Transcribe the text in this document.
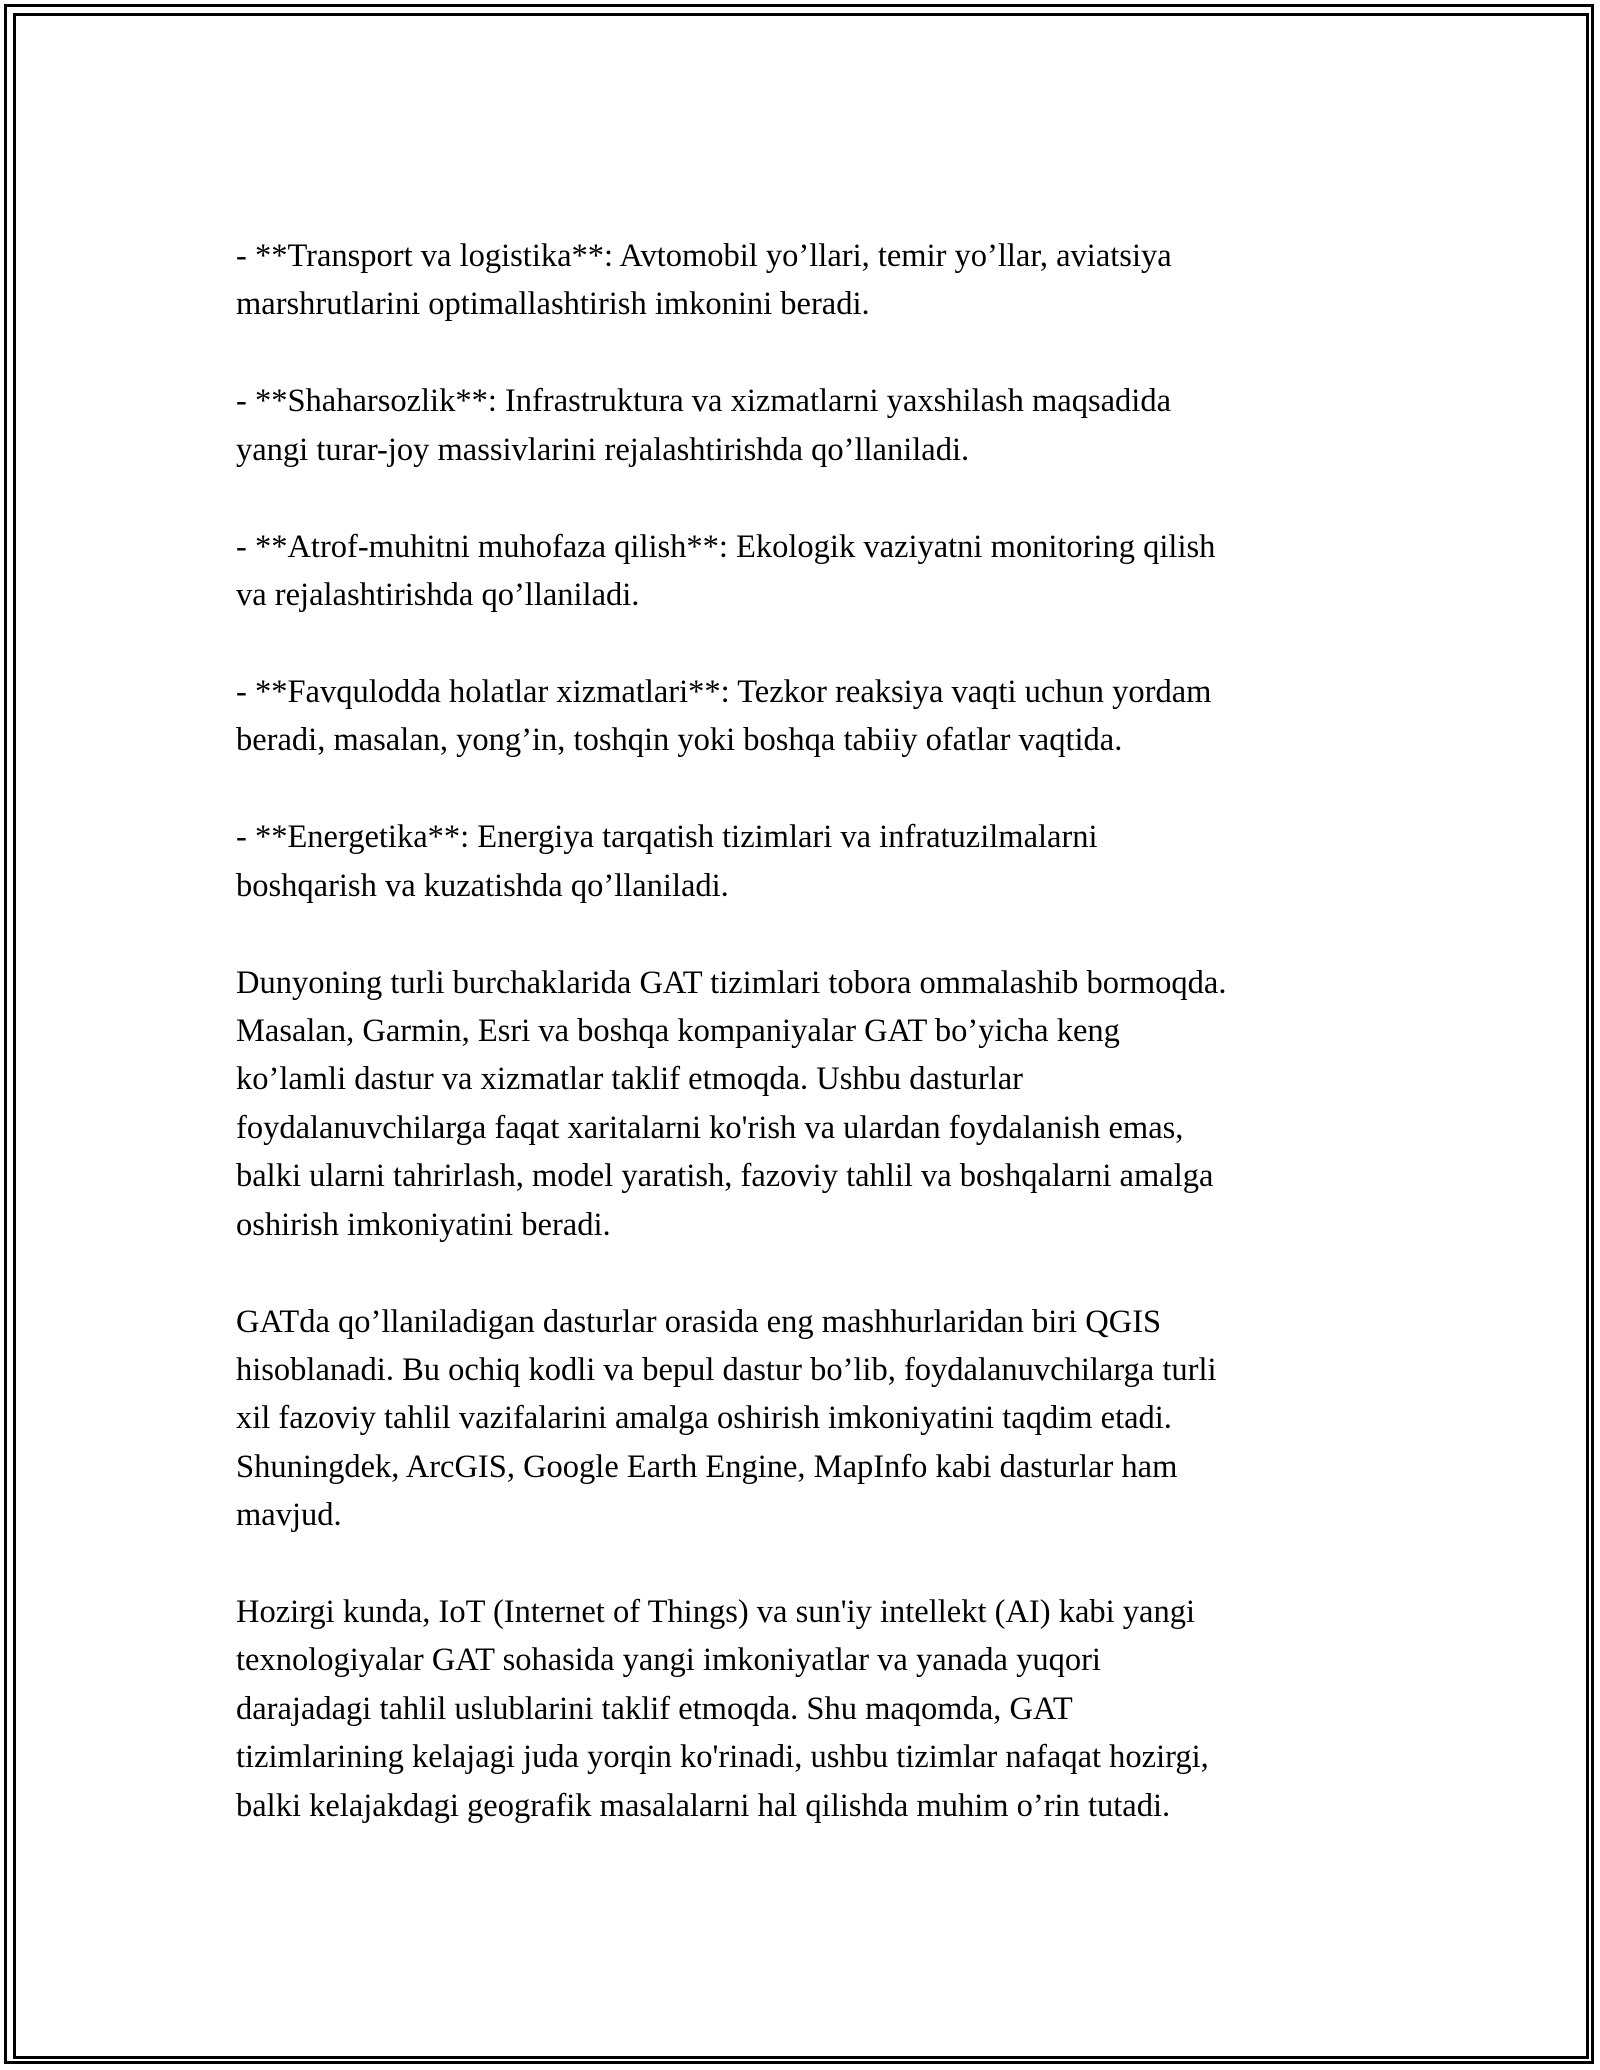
- **Transport va logistika**: Avtomobil yo’llari, temir yo’llar, aviatsiya
marshrutlarini optimallashtirish imkonini beradi.

- **Shaharsozlik**: Infrastruktura va xizmatlarni yaxshilash maqsadida
yangi turar-joy massivlarini rejalashtirishda qo’llaniladi.

- **Atrof-muhitni muhofaza qilish**: Ekologik vaziyatni monitoring qilish
va rejalashtirishda qo’llaniladi.

- **Favqulodda holatlar xizmatlari**: Tezkor reaksiya vaqti uchun yordam
beradi, masalan, yong’in, toshqin yoki boshqa tabiiy ofatlar vaqtida.

- **Energetika**: Energiya tarqatish tizimlari va infratuzilmalarni
boshqarish va kuzatishda qo’llaniladi.

Dunyoning turli burchaklarida GAT tizimlari tobora ommalashib bormoqda.
Masalan, Garmin, Esri va boshqa kompaniyalar GAT bo’yicha keng
ko’lamli dastur va xizmatlar taklif etmoqda. Ushbu dasturlar
foydalanuvchilarga faqat xaritalarni ko'rish va ulardan foydalanish emas,
balki ularni tahrirlash, model yaratish, fazoviy tahlil va boshqalarni amalga
oshirish imkoniyatini beradi.

GATda qo’llaniladigan dasturlar orasida eng mashhurlaridan biri QGIS
hisoblanadi. Bu ochiq kodli va bepul dastur bo’lib, foydalanuvchilarga turli
xil fazoviy tahlil vazifalarini amalga oshirish imkoniyatini taqdim etadi.
Shuningdek, ArcGIS, Google Earth Engine, MapInfo kabi dasturlar ham
mavjud.

Hozirgi kunda, IoT (Internet of Things) va sun'iy intellekt (AI) kabi yangi
texnologiyalar GAT sohasida yangi imkoniyatlar va yanada yuqori
darajadagi tahlil uslublarini taklif etmoqda. Shu maqomda, GAT
tizimlarining kelajagi juda yorqin ko'rinadi, ushbu tizimlar nafaqat hozirgi,
balki kelajakdagi geografik masalalarni hal qilishda muhim o’rin tutadi.
